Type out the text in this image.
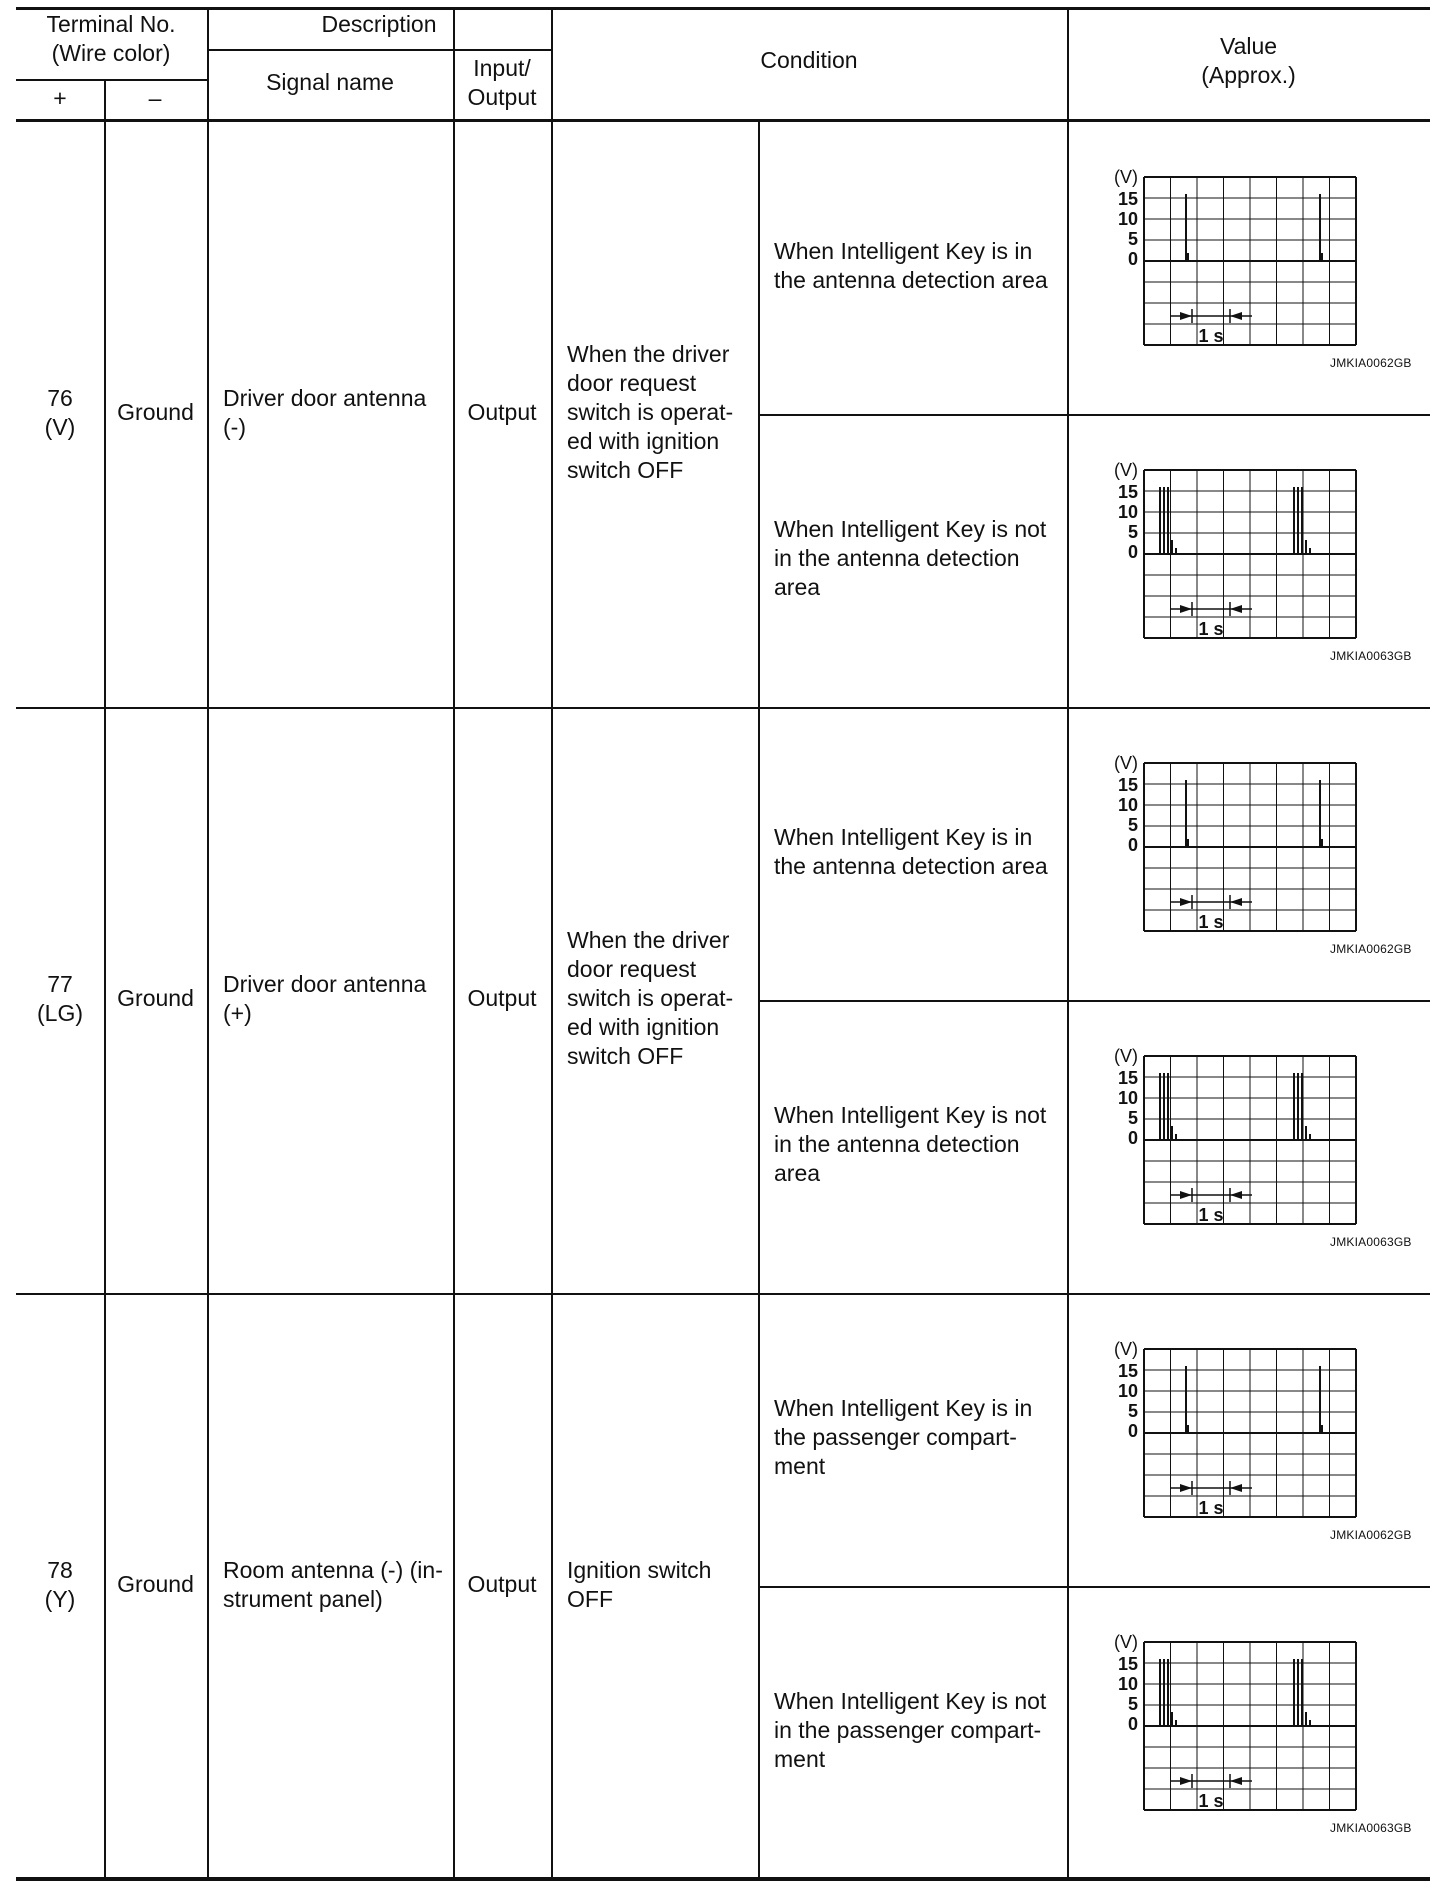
Terminal No.
(Wire color)
+	–
Description
Signal name
Input/
Output
Condition
Value
(Approx.)
76
(V)
Ground
Driver door antenna
(-)
Output
When the driver
door request
switch is operat-
ed with ignition
switch OFF
When Intelligent Key is in
the antenna detection area
(V)
15
10
5
0
1 s
JMKIA0062GB
When Intelligent Key is not
in the antenna detection
area
(V)
15
10
5
0
1 s
JMKIA0063GB
77
(LG)
Ground
Driver door antenna
(+)
Output
When the driver
door request
switch is operat-
ed with ignition
switch OFF
When Intelligent Key is in
the antenna detection area
(V)
15
10
5
0
1 s
JMKIA0062GB
When Intelligent Key is not
in the antenna detection
area
(V)
15
10
5
0
1 s
JMKIA0063GB
78
(Y)
Ground
Room antenna (-) (in-
strument panel)
Output
Ignition switch
OFF
When Intelligent Key is in
the passenger compart-
ment
(V)
15
10
5
0
1 s
JMKIA0062GB
When Intelligent Key is not
in the passenger compart-
ment
(V)
15
10
5
0
1 s
JMKIA0063GB
